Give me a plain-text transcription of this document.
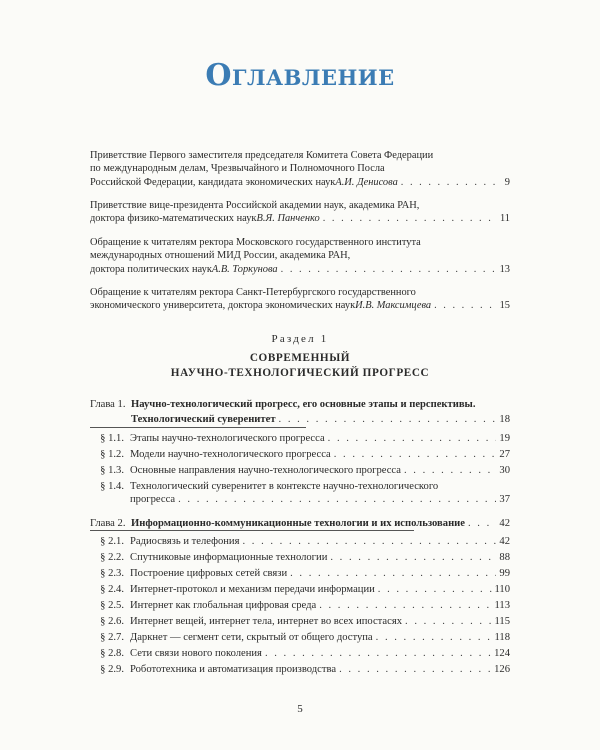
Оглавление
Приветствие Первого заместителя председателя Комитета Совета Федерации
по международным делам, Чрезвычайного и Полномочного Посла
Российской Федерации, кандидата экономических наук А.И. Денисова . . .	9
Приветствие вице-президента Российской академии наук, академика РАН,
доктора физико-математических наук В.Я. Панченко . . .	11
Обращение к читателям ректора Московского государственного института
международных отношений МИД России, академика РАН,
доктора политических наук А.В. Торкунова . . .	13
Обращение к читателям ректора Санкт-Петербургского государственного
экономического университета, доктора экономических наук И.В. Максимцева . . .	15
Раздел 1
СОВРЕМЕННЫЙ
НАУЧНО-ТЕХНОЛОГИЧЕСКИЙ ПРОГРЕСС
Глава 1. Научно-технологический прогресс, его основные этапы и перспективы.
Технологический суверенитет . . .	18
§ 1.1. Этапы научно-технологического прогресса . . .	19
§ 1.2. Модели научно-технологического прогресса . . .	27
§ 1.3. Основные направления научно-технологического прогресса . . .	30
§ 1.4. Технологический суверенитет в контексте научно-технологического
прогресса . . .	37
Глава 2. Информационно-коммуникационные технологии и их использование . . .	42
§ 2.1. Радиосвязь и телефония . . .	42
§ 2.2. Спутниковые информационные технологии . . .	88
§ 2.3. Построение цифровых сетей связи . . .	99
§ 2.4. Интернет-протокол и механизм передачи информации . . .	110
§ 2.5. Интернет как глобальная цифровая среда . . .	113
§ 2.6. Интернет вещей, интернет тела, интернет во всех ипостасях . . .	115
§ 2.7. Даркнет — сегмент сети, скрытый от общего доступа . . .	118
§ 2.8. Сети связи нового поколения . . .	124
§ 2.9. Робототехника и автоматизация производства . . .	126
5
